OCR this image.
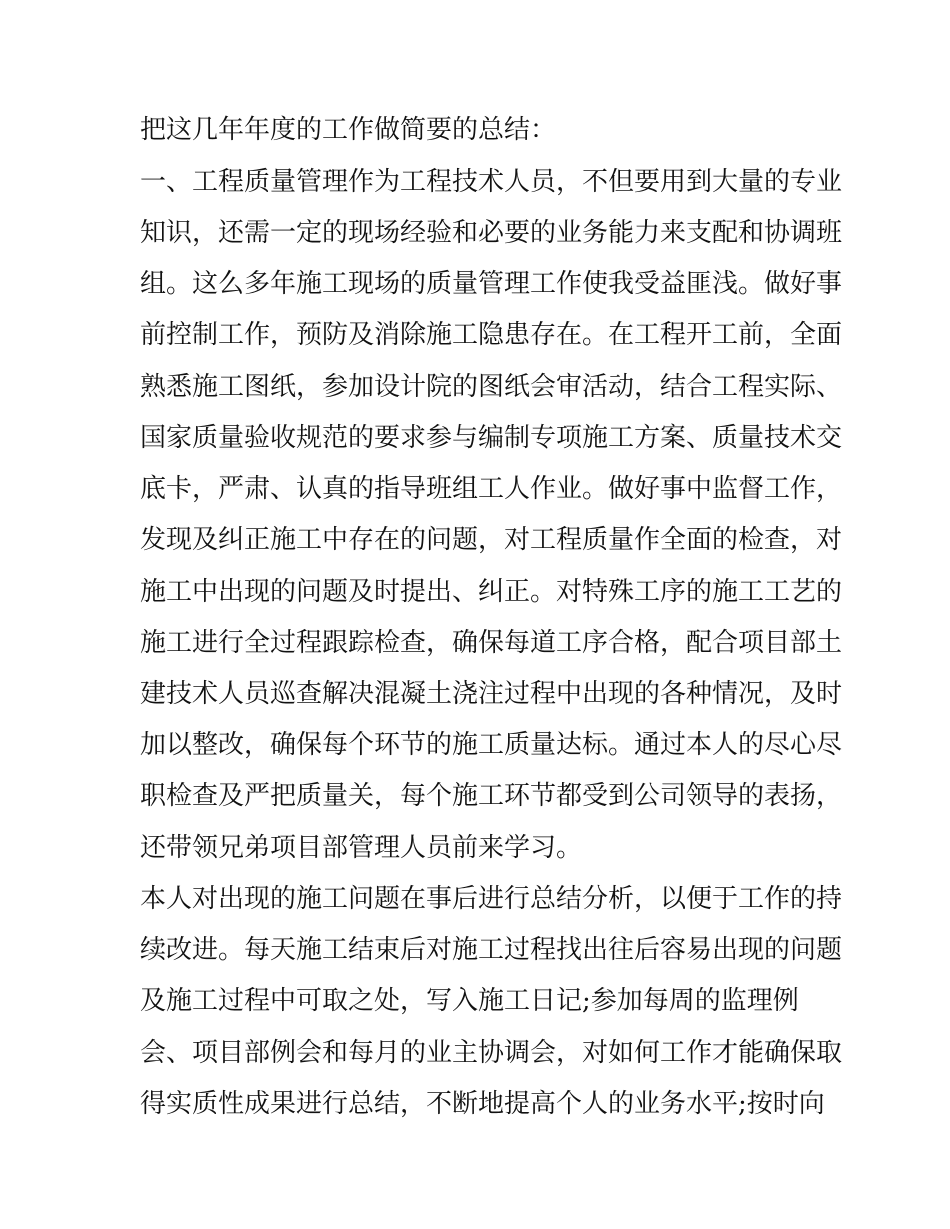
把这几年年度的工作做简要的总结：

一、工程质量管理作为工程技术人员，不但要用到大量的专业

知识，还需一定的现场经验和必要的业务能力来支配和协调班

组。这么多年施工现场的质量管理工作使我受益匪浅。做好事

前控制工作，预防及消除施工隐患存在。在工程开工前，全面

熟悉施工图纸，参加设计院的图纸会审活动，结合工程实际、

国家质量验收规范的要求参与编制专项施工方案、质量技术交

底卡，严肃、认真的指导班组工人作业。做好事中监督工作，

发现及纠正施工中存在的问题，对工程质量作全面的检查，对

施工中出现的问题及时提出、纠正。对特殊工序的施工工艺的

施工进行全过程跟踪检查，确保每道工序合格，配合项目部土

建技术人员巡查解决混凝土浇注过程中出现的各种情况，及时

加以整改，确保每个环节的施工质量达标。通过本人的尽心尽

职检查及严把质量关，每个施工环节都受到公司领导的表扬，

还带领兄弟项目部管理人员前来学习。

本人对出现的施工问题在事后进行总结分析，以便于工作的持

续改进。每天施工结束后对施工过程找出往后容易出现的问题

及施工过程中可取之处，写入施工日记;参加每周的监理例

会、项目部例会和每月的业主协调会，对如何工作才能确保取

得实质性成果进行总结，不断地提高个人的业务水平;按时向
